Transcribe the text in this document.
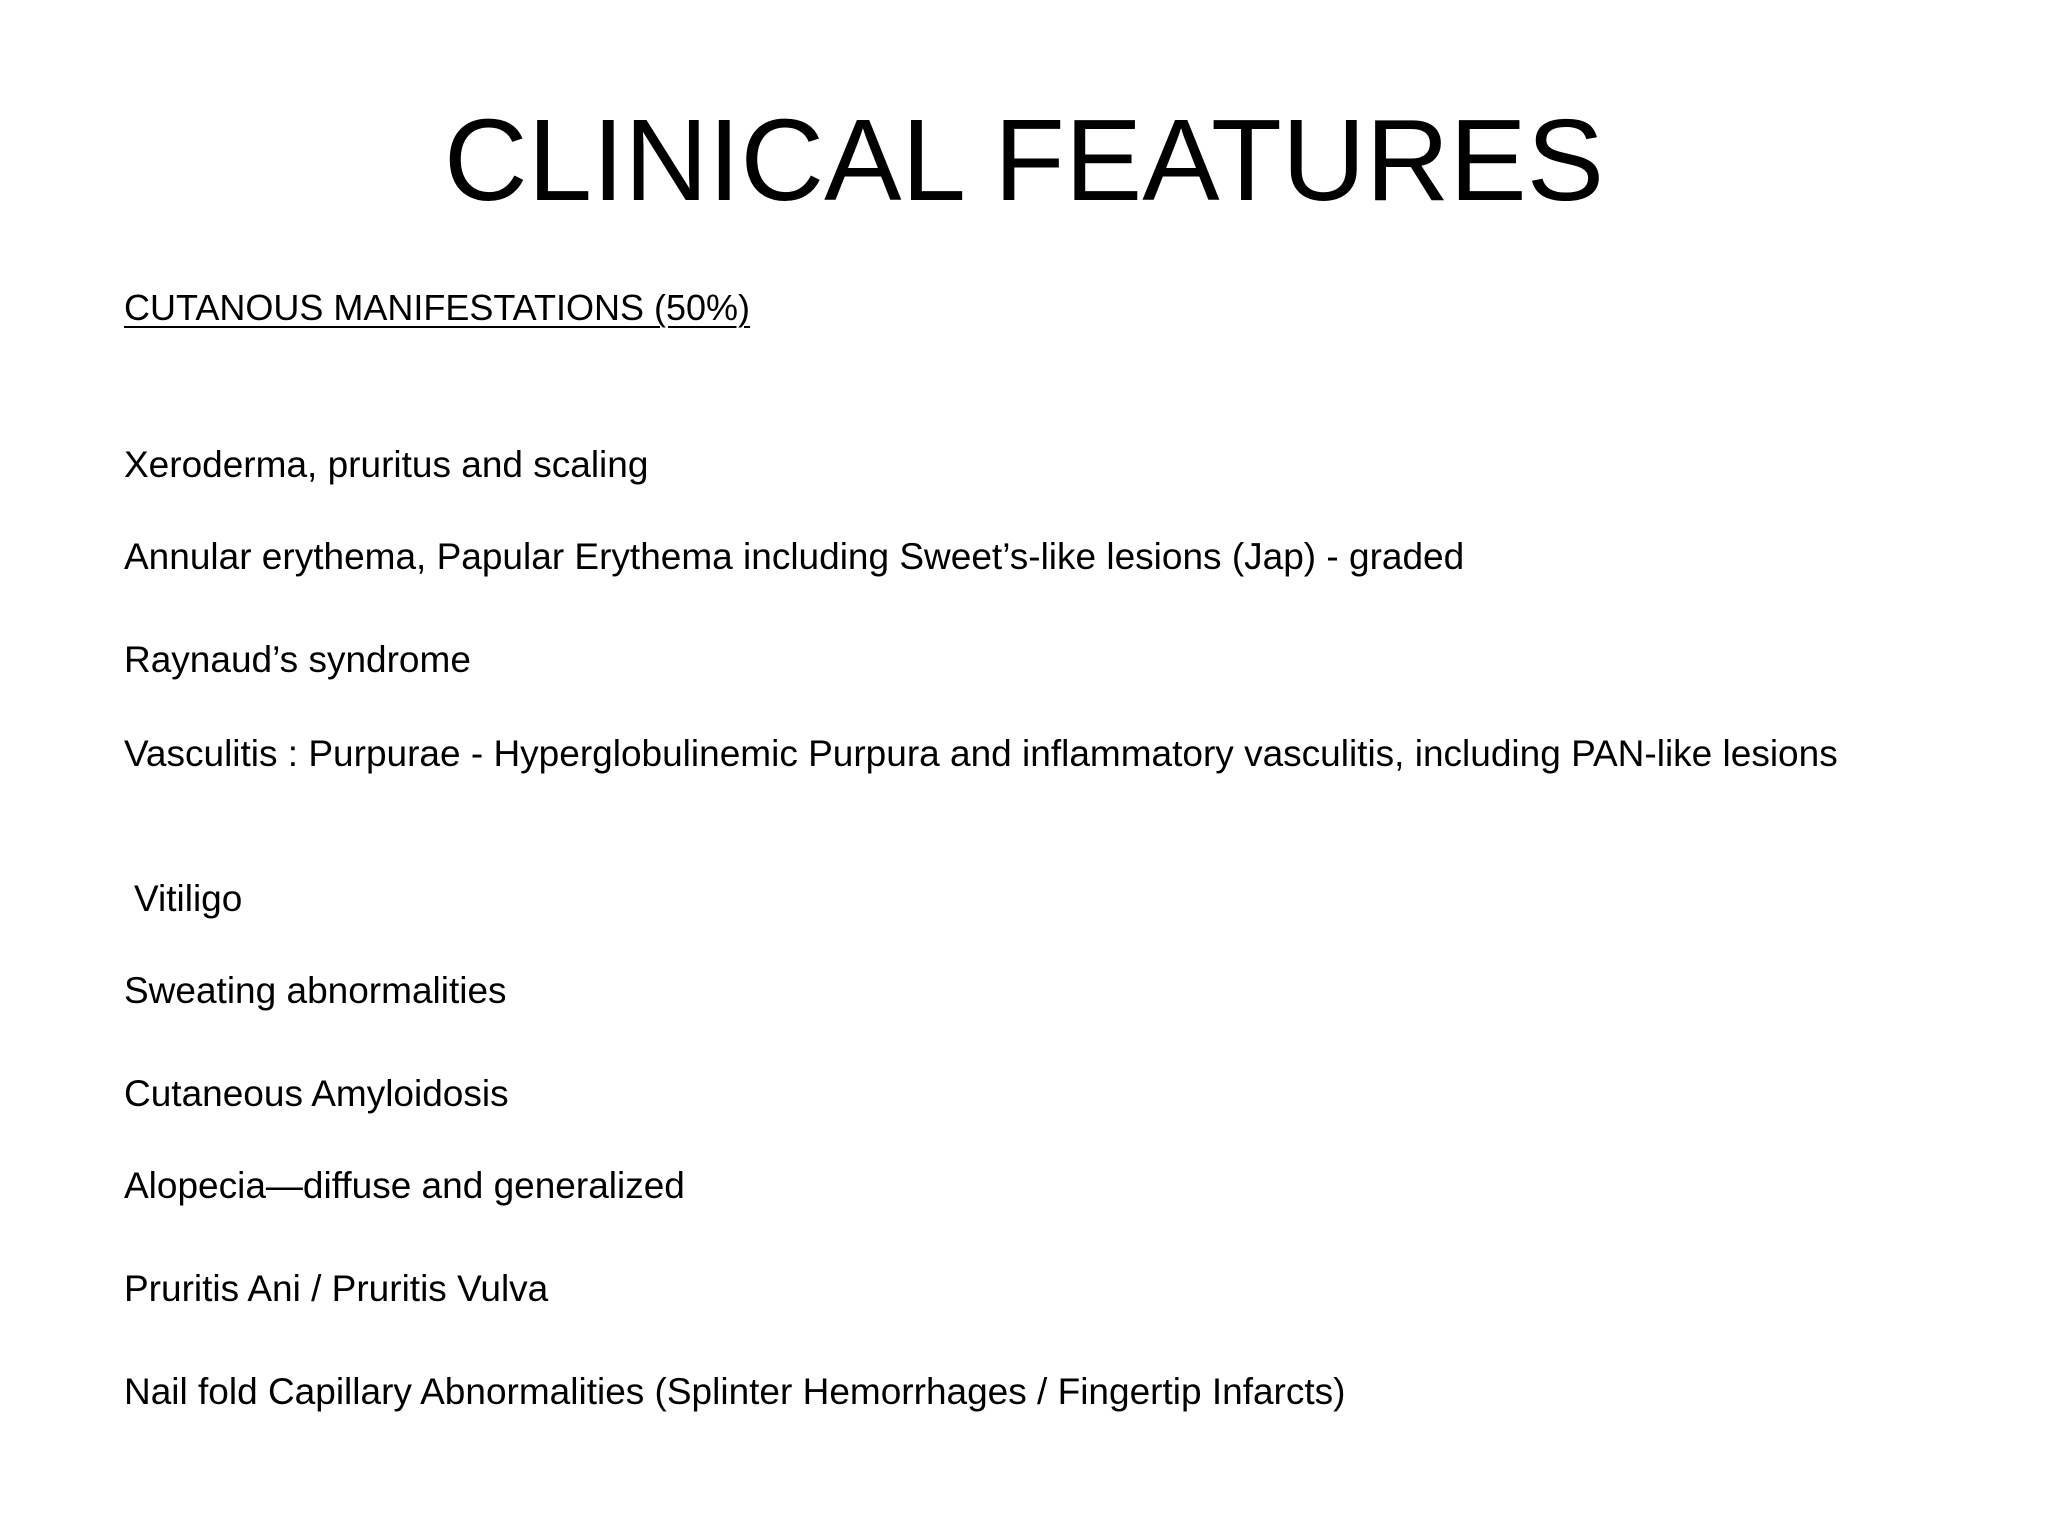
CLINICAL FEATURES
CUTANOUS MANIFESTATIONS (50%)

Xeroderma, pruritus and scaling

Annular erythema, Papular Erythema including Sweet’s-like lesions (Jap) - graded

Raynaud’s syndrome

Vasculitis : Purpurae - Hyperglobulinemic Purpura and inflammatory vasculitis, including PAN-like lesions

Vitiligo

Sweating abnormalities

Cutaneous Amyloidosis

Alopecia—diffuse and generalized

Pruritis Ani / Pruritis Vulva

Nail fold Capillary Abnormalities (Splinter Hemorrhages / Fingertip Infarcts)
